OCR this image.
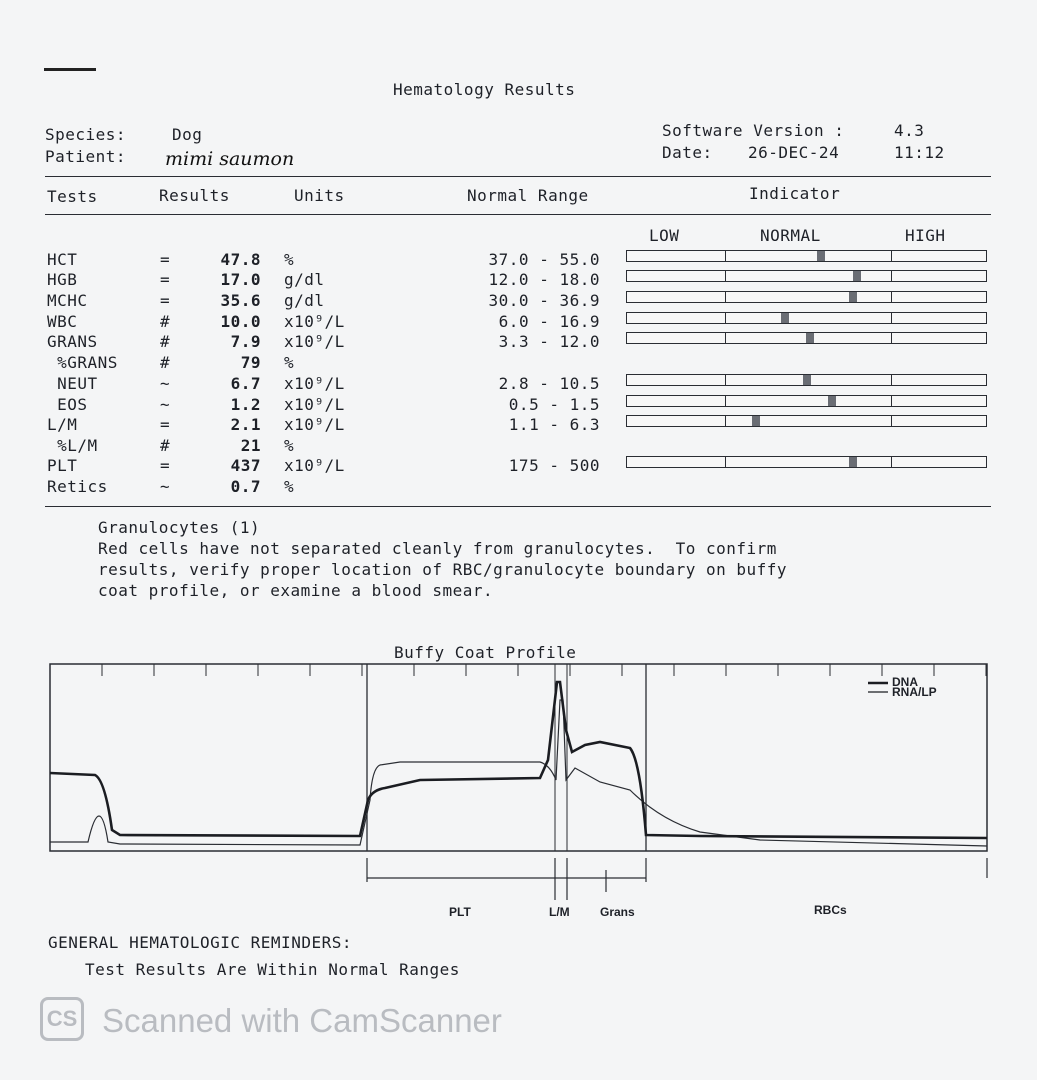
Hematology Results
Species:	Dog
Patient: mimi saumon
Software Version :	4.3
Date: 26-DEC-24	11:12
Tests	Results	Units	Normal Range	Indicator
LOW	NORMAL	HIGH
HCT	=	47.8 %	37.0 - 55.0
HGB	=	17.0 g/dl	12.0 - 18.0
MCHC	=	35.6 g/dl	30.0 - 36.9
WBC	#	10.0 x10⁹/L	6.0 - 16.9
GRANS	#	7.9 x10⁹/L	3.3 - 12.0
%GRANS	#	79 %
NEUT	~	6.7 x10⁹/L	2.8 - 10.5
EOS	~	1.2 x10⁹/L	0.5 - 1.5
L/M	=	2.1 x10⁹/L	1.1 - 6.3
%L/M	#	21 %
PLT	=	437 x10⁹/L	175 - 500
Retics	~	0.7 %
Granulocytes (1)
Red cells have not separated cleanly from granulocytes.  To confirm
results, verify proper location of RBC/granulocyte boundary on buffy
coat profile, or examine a blood smear.
Buffy Coat Profile
DNA
RNA/LP
PLT	L/M	Grans	RBCs
GENERAL HEMATOLOGIC REMINDERS:
Test Results Are Within Normal Ranges
CS Scanned with CamScanner
